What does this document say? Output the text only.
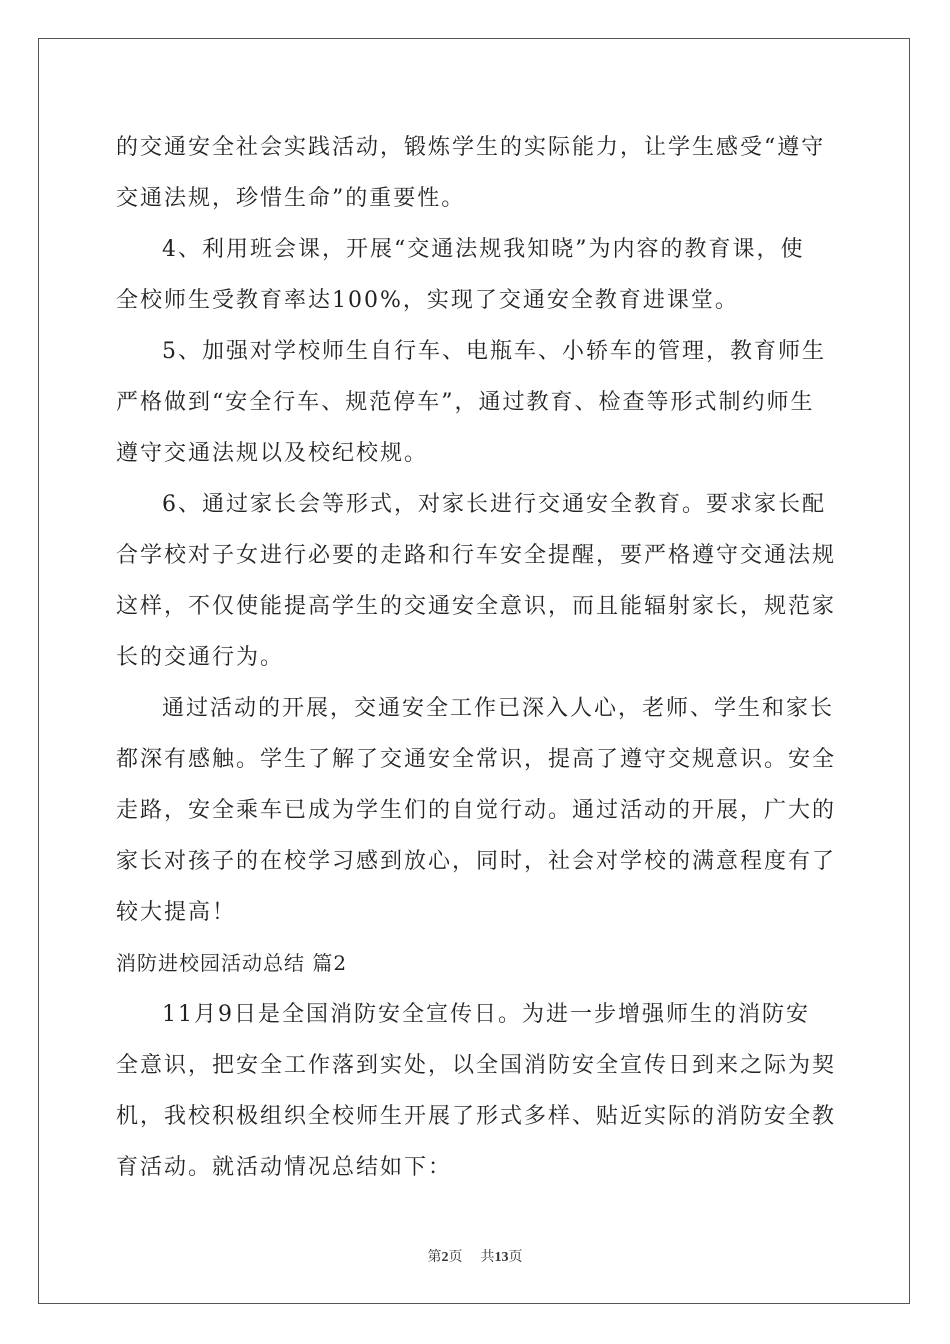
的交通安全社会实践活动，锻炼学生的实际能力，让学生感受“遵守
交通法规，珍惜生命”的重要性。
4、利用班会课，开展“交通法规我知晓”为内容的教育课，使
全校师生受教育率达100%，实现了交通安全教育进课堂。
5、加强对学校师生自行车、电瓶车、小轿车的管理，教育师生
严格做到“安全行车、规范停车”，通过教育、检查等形式制约师生
遵守交通法规以及校纪校规。
6、通过家长会等形式，对家长进行交通安全教育。要求家长配
合学校对子女进行必要的走路和行车安全提醒，要严格遵守交通法规
这样，不仅使能提高学生的交通安全意识，而且能辐射家长，规范家
长的交通行为。
通过活动的开展，交通安全工作已深入人心，老师、学生和家长
都深有感触。学生了解了交通安全常识，提高了遵守交规意识。安全
走路，安全乘车已成为学生们的自觉行动。通过活动的开展，广大的
家长对孩子的在校学习感到放心，同时，社会对学校的满意程度有了
较大提高！
消防进校园活动总结 篇2
11月9日是全国消防安全宣传日。为进一步增强师生的消防安
全意识，把安全工作落到实处，以全国消防安全宣传日到来之际为契
机，我校积极组织全校师生开展了形式多样、贴近实际的消防安全教
育活动。就活动情况总结如下：
第2页 共13页
